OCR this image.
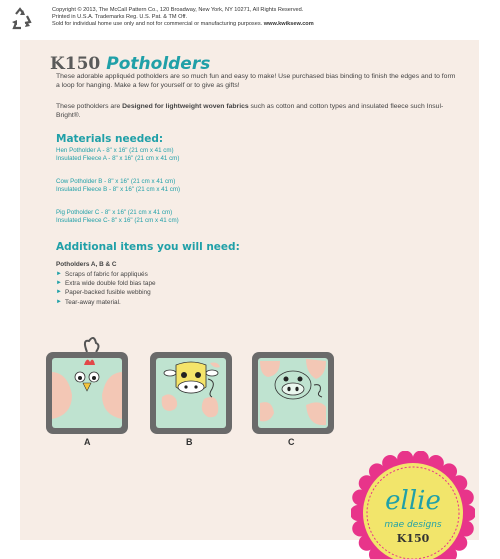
Copyright © 2013, The McCall Pattern Co., 120 Broadway, New York, NY 10271, All Rights Reserved.
Printed in U.S.A. Trademarks Reg. U.S. Pat. & TM Off.
Sold for individual home use only and not for commercial or manufacturing purposes. www.kwiksew.com
K150 Potholders

These adorable appliquéd potholders are so much fun and easy to make! Use purchased bias binding to finish the edges and to form a loop for hanging. Make a few for yourself or to give as gifts!

These potholders are Designed for lightweight woven fabrics such as cotton and cotton types and insulated fleece such Insul-Bright®.

Materials needed:
Hen Potholder A - 8" x 16" (21 cm x 41 cm)
Insulated Fleece A - 8" x 16" (21 cm x 41 cm)
Cow Potholder B - 8" x 16" (21 cm x 41 cm)
Insulated Fleece B - 8" x 16" (21 cm x 41 cm)
Pig Potholder C - 8" x 16" (21 cm x 41 cm)
Insulated Fleece C- 8" x 16" (21 cm x 41 cm)
Additional items you will need:
Potholders A, B & C
► Scraps of fabric for appliqués
► Extra wide double fold bias tape
► Paper-backed fusible webbing
► Tear-away material.
A	B	C
ellie
mae designs
K150
